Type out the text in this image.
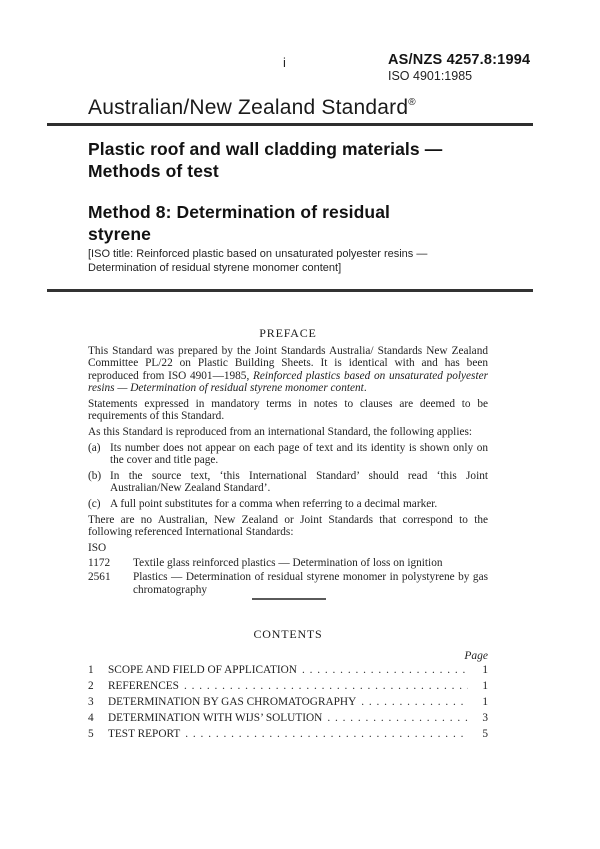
i	AS/NZS 4257.8:1994
ISO 4901:1985
Australian/New Zealand Standard®
Plastic roof and wall cladding materials —
Methods of test
Method 8: Determination of residual
styrene
[ISO title: Reinforced plastic based on unsaturated polyester resins — Determination of residual styrene monomer content]
PREFACE

This Standard was prepared by the Joint Standards Australia/ Standards New Zealand Committee PL/22 on Plastic Building Sheets. It is identical with and has been reproduced from ISO 4901—1985, Reinforced plastics based on unsaturated polyester resins — Determination of residual styrene monomer content.

Statements expressed in mandatory terms in notes to clauses are deemed to be requirements of this Standard.

As this Standard is reproduced from an international Standard, the following applies:

(a) Its number does not appear on each page of text and its identity is shown only on the cover and title page.
(b) In the source text, ‘this International Standard’ should read ‘this Joint Australian/New Zealand Standard’.
(c) A full point substitutes for a comma when referring to a decimal marker.

There are no Australian, New Zealand or Joint Standards that correspond to the following referenced International Standards:

ISO

1172	Textile glass reinforced plastics — Determination of loss on ignition
2561	Plastics — Determination of residual styrene monomer in polystyrene by gas chromatography
CONTENTS
Page
1	SCOPE AND FIELD OF APPLICATION . . .	1
2	REFERENCES . . .	1
3	DETERMINATION BY GAS CHROMATOGRAPHY . . .	1
4	DETERMINATION WITH WIJS’ SOLUTION . . .	3
5	TEST REPORT . . .	5
